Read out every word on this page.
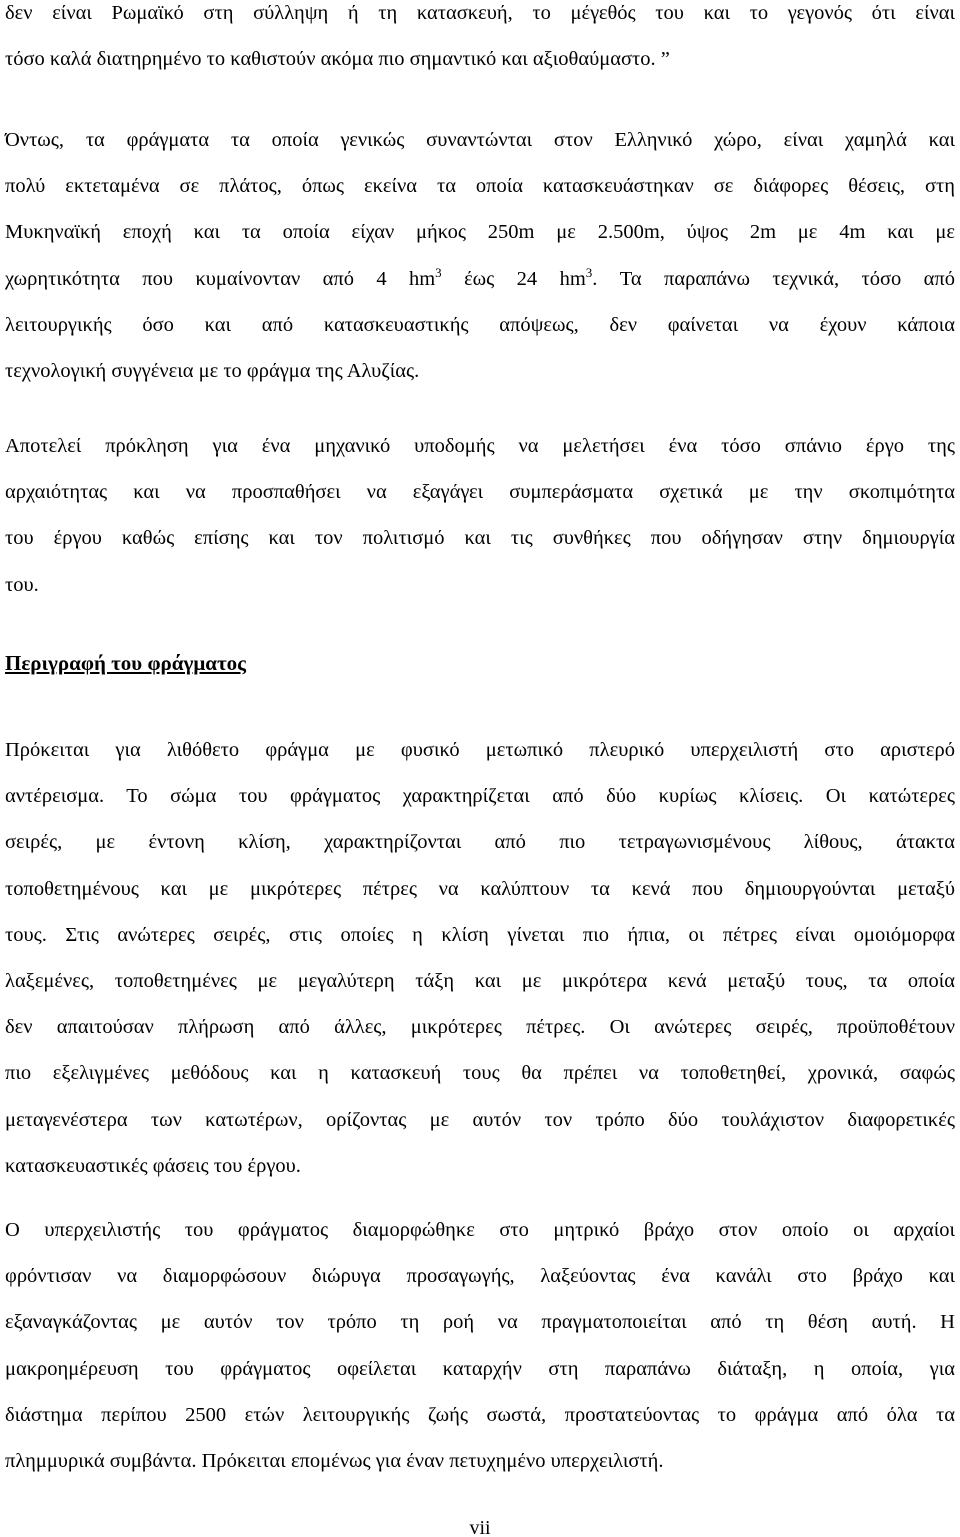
δεν είναι Ρωμαϊκό στη σύλληψη ή τη κατασκευή, το μέγεθός του και το γεγονός ότι είναι
τόσο καλά διατηρημένο το καθιστούν ακόμα πιο σημαντικό και αξιοθαύμαστο. ”

Όντως, τα φράγματα τα οποία γενικώς συναντώνται στον Ελληνικό χώρο, είναι χαμηλά και
πολύ εκτεταμένα σε πλάτος, όπως εκείνα τα οποία κατασκευάστηκαν σε διάφορες θέσεις, στη
Μυκηναϊκή εποχή και τα οποία είχαν μήκος 250m με 2.500m, ύψος 2m με 4m και με
χωρητικότητα που κυμαίνονταν από 4 $hm^3$ έως 24 $hm^3$. Τα παραπάνω τεχνικά, τόσο από
λειτουργικής όσο και από κατασκευαστικής απόψεως, δεν φαίνεται να έχουν κάποια
τεχνολογική συγγένεια με το φράγμα της Αλυζίας.

Αποτελεί πρόκληση για ένα μηχανικό υποδομής να μελετήσει ένα τόσο σπάνιο έργο της
αρχαιότητας και να προσπαθήσει να εξαγάγει συμπεράσματα σχετικά με την σκοπιμότητα
του έργου καθώς επίσης και τον πολιτισμό και τις συνθήκες που οδήγησαν στην δημιουργία
του.

Περιγραφή του φράγματος

Πρόκειται για λιθόθετο φράγμα με φυσικό μετωπικό πλευρικό υπερχειλιστή στο αριστερό
αντέρεισμα. Το σώμα του φράγματος χαρακτηρίζεται από δύο κυρίως κλίσεις. Οι κατώτερες
σειρές, με έντονη κλίση, χαρακτηρίζονται από πιο τετραγωνισμένους λίθους, άτακτα
τοποθετημένους και με μικρότερες πέτρες να καλύπτουν τα κενά που δημιουργούνται μεταξύ
τους. Στις ανώτερες σειρές, στις οποίες η κλίση γίνεται πιο ήπια, οι πέτρες είναι ομοιόμορφα
λαξεμένες, τοποθετημένες με μεγαλύτερη τάξη και με μικρότερα κενά μεταξύ τους, τα οποία
δεν απαιτούσαν πλήρωση από άλλες, μικρότερες πέτρες. Οι ανώτερες σειρές, προϋποθέτουν
πιο εξελιγμένες μεθόδους και η κατασκευή τους θα πρέπει να τοποθετηθεί, χρονικά, σαφώς
μεταγενέστερα των κατωτέρων, ορίζοντας με αυτόν τον τρόπο δύο τουλάχιστον διαφορετικές
κατασκευαστικές φάσεις του έργου.

Ο υπερχειλιστής του φράγματος διαμορφώθηκε στο μητρικό βράχο στον οποίο οι αρχαίοι
φρόντισαν να διαμορφώσουν διώρυγα προσαγωγής, λαξεύοντας ένα κανάλι στο βράχο και
εξαναγκάζοντας με αυτόν τον τρόπο τη ροή να πραγματοποιείται από τη θέση αυτή. Η
μακροημέρευση του φράγματος οφείλεται καταρχήν στη παραπάνω διάταξη, η οποία, για
διάστημα περίπου 2500 ετών λειτουργικής ζωής σωστά, προστατεύοντας το φράγμα από όλα τα
πλημμυρικά συμβάντα. Πρόκειται επομένως για έναν πετυχημένο υπερχειλιστή.

vii
